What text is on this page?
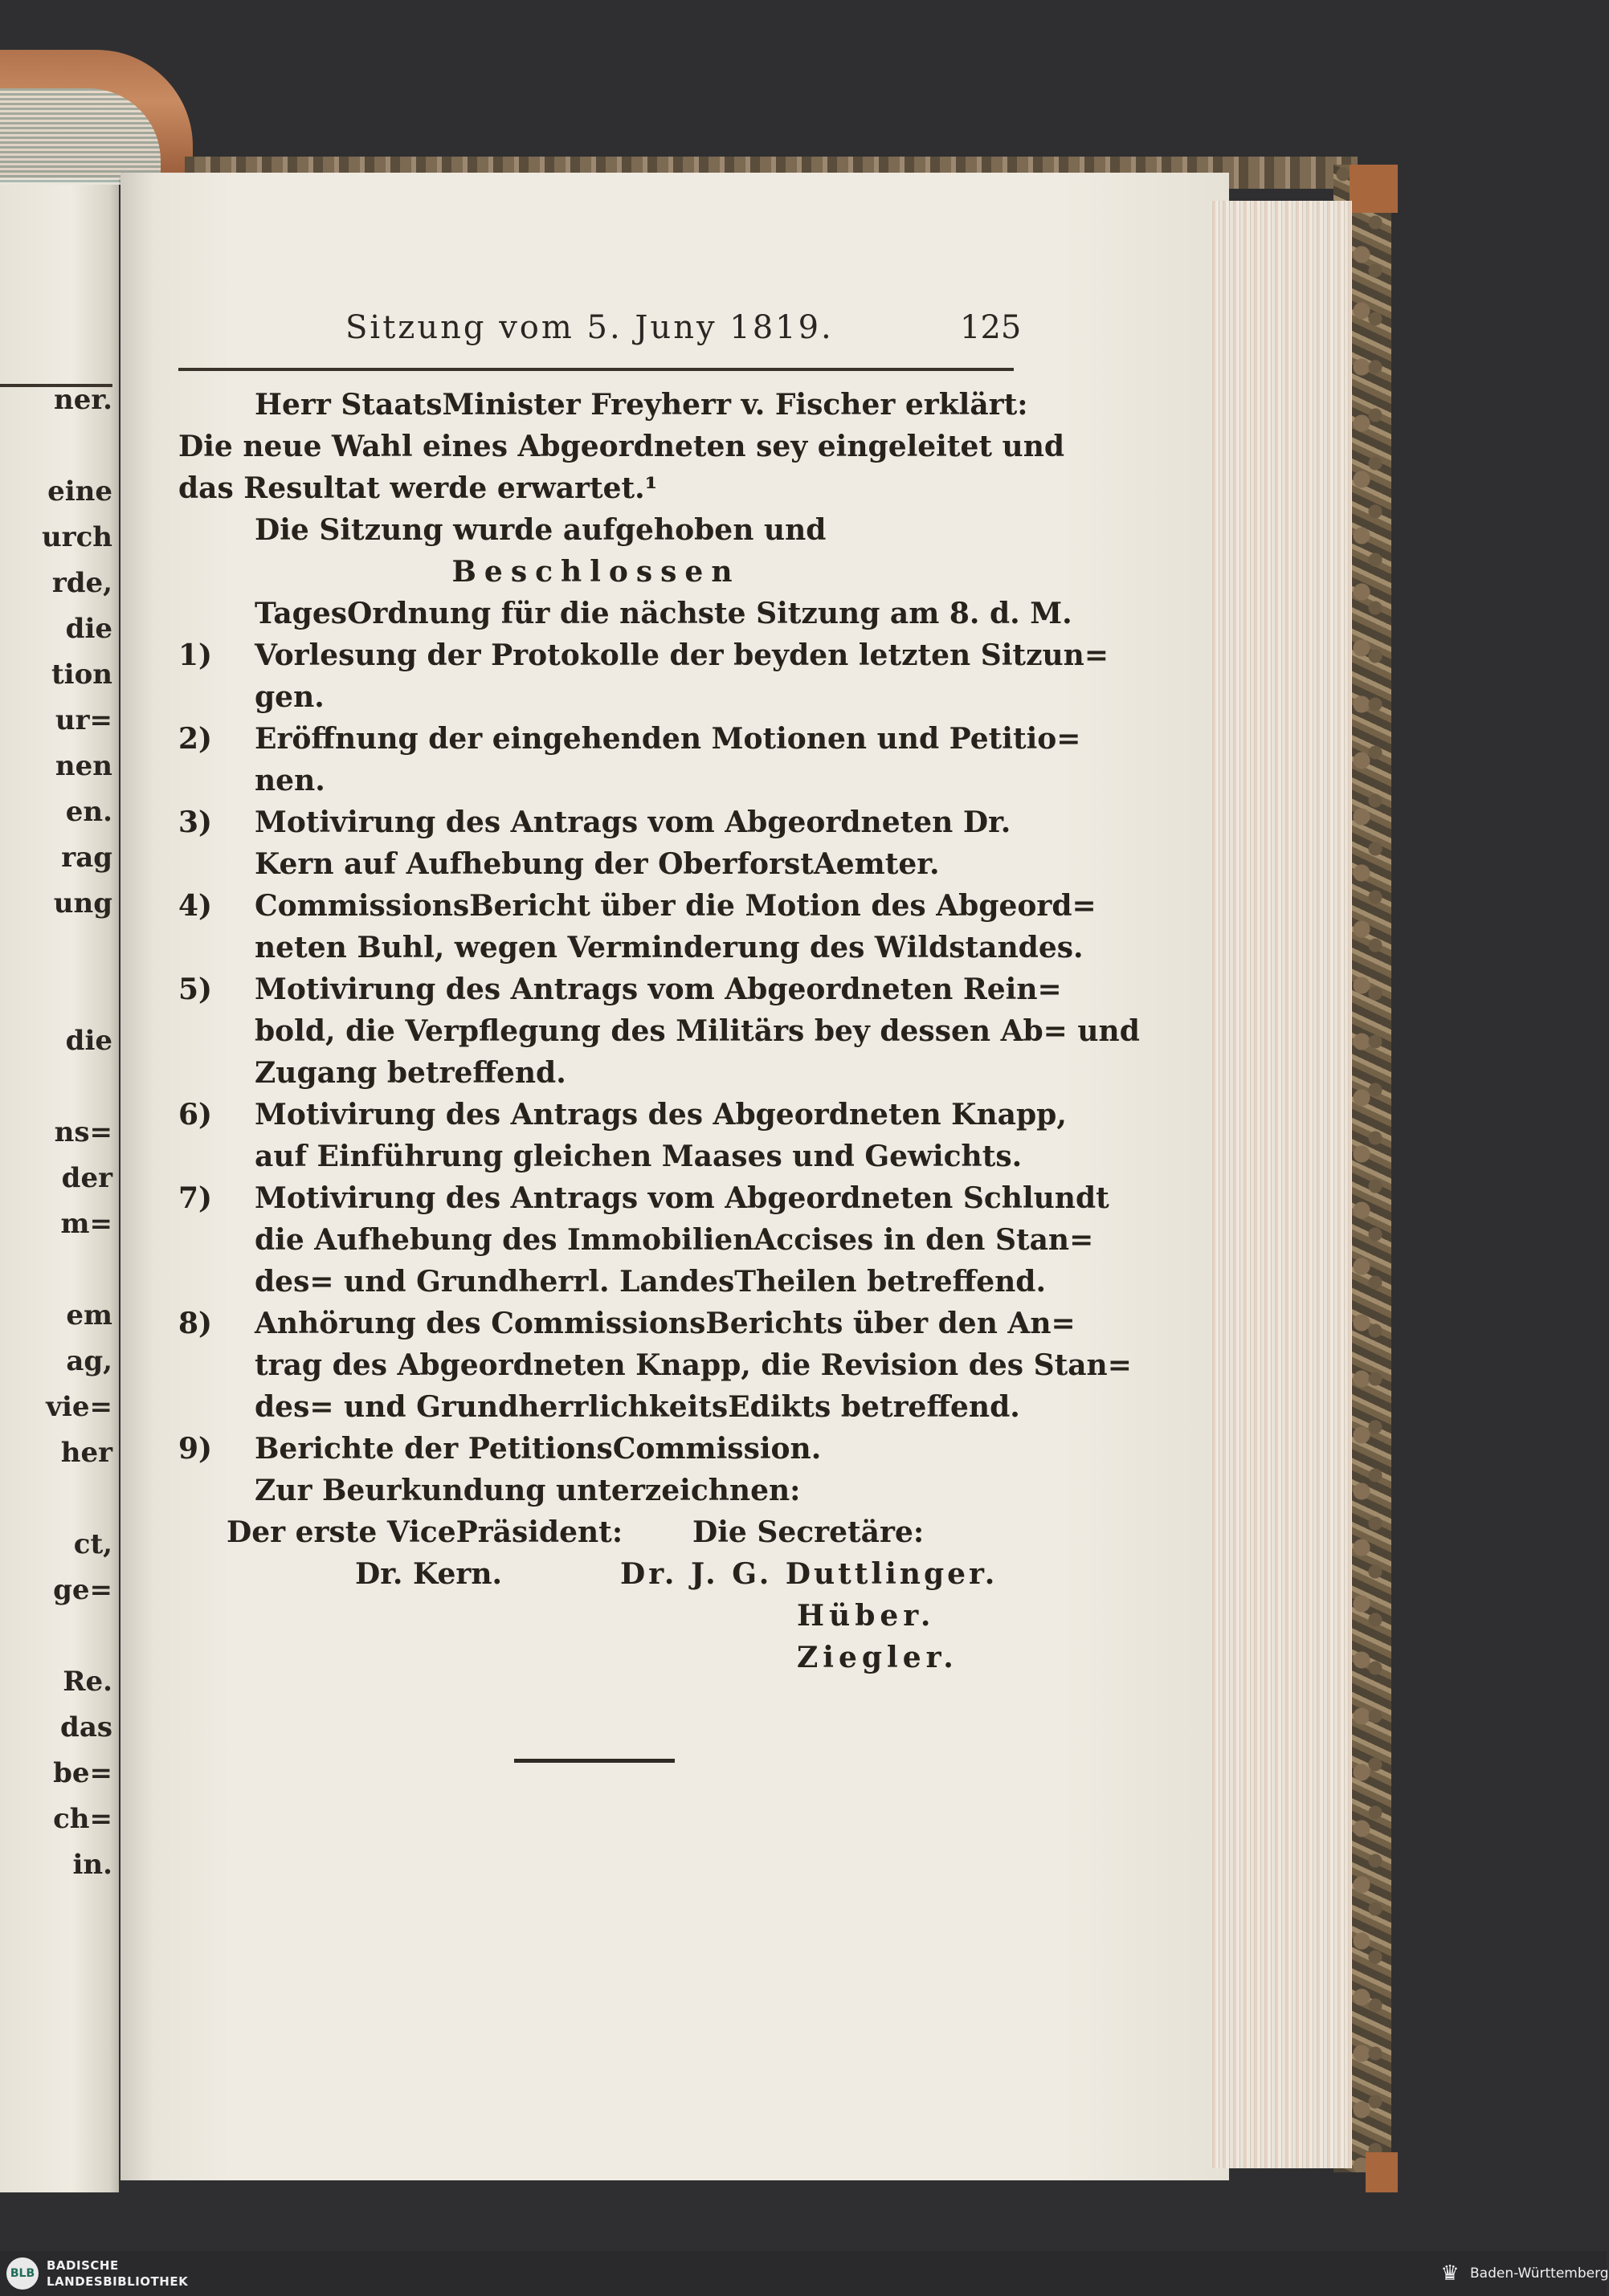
ner.
eine
urch
rde,
die
tion
ur=
nen
en.
rag
ung
die
ns=
der
m=
em
ag,
vie=
her
ct,
ge=
Re.
das
be=
ch=
in.
Sitzung vom 5. Juny 1819.	125
Herr StaatsMinister Freyherr v. Fischer erklärt:
Die neue Wahl eines Abgeordneten sey eingeleitet und
das Resultat werde erwartet.¹
Die Sitzung wurde aufgehoben und
Beschlossen
TagesOrdnung für die nächste Sitzung am 8. d. M.
1)	Vorlesung der Protokolle der beyden letzten Sitzun=
gen.
2)	Eröffnung der eingehenden Motionen und Petitio=
nen.
3)	Motivirung des Antrags vom Abgeordneten Dr.
Kern auf Aufhebung der OberforstAemter.
4)	CommissionsBericht über die Motion des Abgeord=
neten Buhl, wegen Verminderung des Wildstandes.
5)	Motivirung des Antrags vom Abgeordneten Rein=
bold, die Verpflegung des Militärs bey dessen Ab= und
Zugang betreffend.
6)	Motivirung des Antrags des Abgeordneten Knapp,
auf Einführung gleichen Maases und Gewichts.
7)	Motivirung des Antrags vom Abgeordneten Schlundt
die Aufhebung des ImmobilienAccises in den Stan=
des= und Grundherrl. LandesTheilen betreffend.
8)	Anhörung des CommissionsBerichts über den An=
trag des Abgeordneten Knapp, die Revision des Stan=
des= und GrundherrlichkeitsEdikts betreffend.
9)	Berichte der PetitionsCommission.
Zur Beurkundung unterzeichnen:
Der erste VicePräsident: Die Secretäre:
Dr. Kern.	Dr. J. G. Duttlinger.
Hüber.
Ziegler.
BLB
BADISCHE
LANDESBIBLIOTHEK	♛ Baden-Württemberg
